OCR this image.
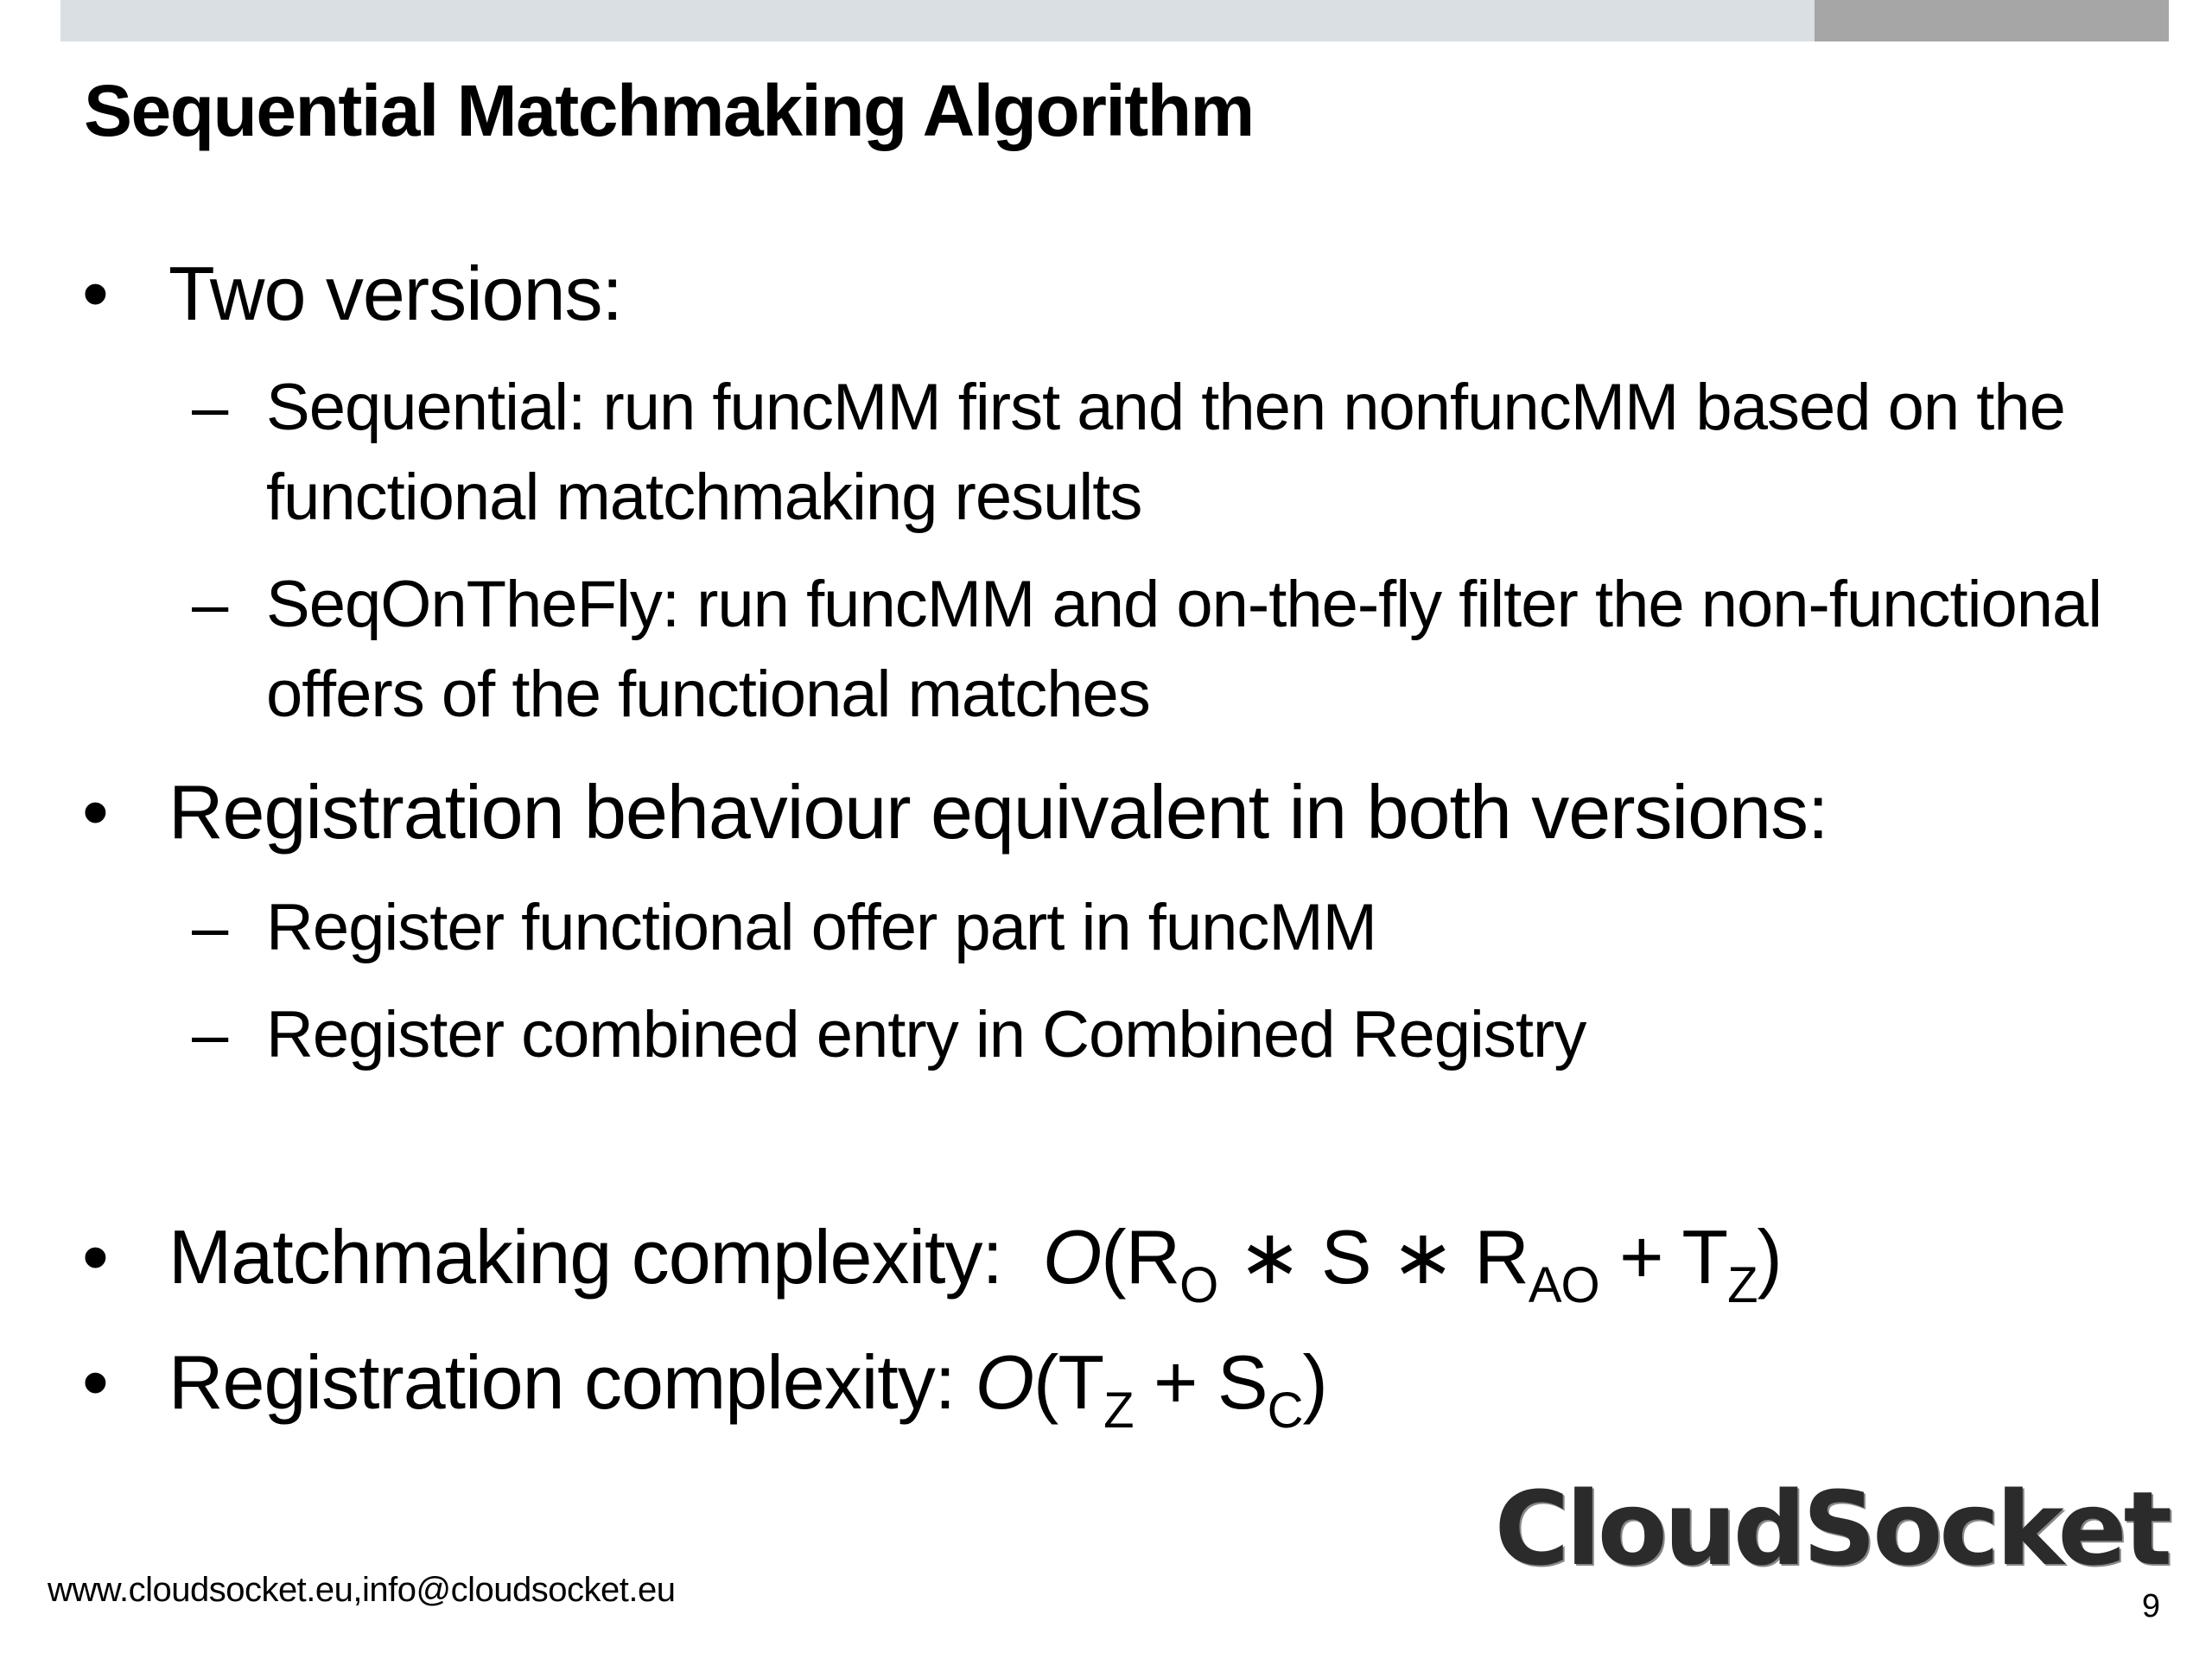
Sequential Matchmaking Algorithm
• Two versions:
– Sequential: run funcMM first and then nonfuncMM based on the
functional matchmaking results
– SeqOnTheFly: run funcMM and on-the-fly filter the non-functional
offers of the functional matches
• Registration behaviour equivalent in both versions:
– Register functional offer part in funcMM
– Register combined entry in Combined Registry
• Matchmaking complexity: $O(R_O$ ∗ S ∗ $R_{AO} + T_Z$)
• Registration complexity: $O(T_Z + S_C)$
CloudSocket
www.cloudsocket.eu,info@cloudsocket.eu	9
